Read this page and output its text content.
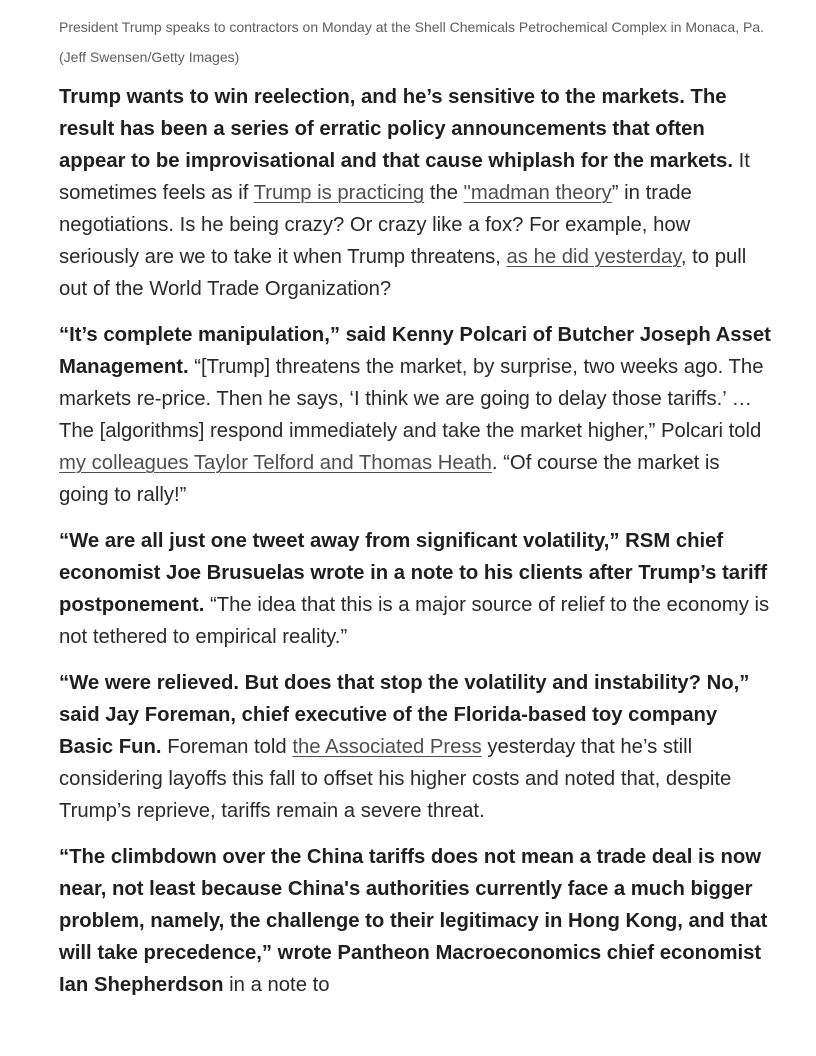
President Trump speaks to contractors on Monday at the Shell Chemicals Petrochemical Complex in Monaca, Pa. (Jeff Swensen/Getty Images)

Trump wants to win reelection, and he’s sensitive to the markets. The result has been a series of erratic policy announcements that often appear to be improvisational and that cause whiplash for the markets. It sometimes feels as if Trump is practicing the "madman theory” in trade negotiations. Is he being crazy? Or crazy like a fox? For example, how seriously are we to take it when Trump threatens, as he did yesterday, to pull out of the World Trade Organization?

“It’s complete manipulation,” said Kenny Polcari of Butcher Joseph Asset Management. “[Trump] threatens the market, by surprise, two weeks ago. The markets re-price. Then he says, ‘I think we are going to delay those tariffs.’ … The [algorithms] respond immediately and take the market higher,” Polcari told my colleagues Taylor Telford and Thomas Heath. “Of course the market is going to rally!”

“We are all just one tweet away from significant volatility,” RSM chief economist Joe Brusuelas wrote in a note to his clients after Trump’s tariff postponement. “The idea that this is a major source of relief to the economy is not tethered to empirical reality.”

“We were relieved. But does that stop the volatility and instability? No,” said Jay Foreman, chief executive of the Florida-based toy company Basic Fun. Foreman told the Associated Press yesterday that he’s still considering layoffs this fall to offset his higher costs and noted that, despite Trump’s reprieve, tariffs remain a severe threat.

“The climbdown over the China tariffs does not mean a trade deal is now near, not least because China's authorities currently face a much bigger problem, namely, the challenge to their legitimacy in Hong Kong, and that will take precedence,” wrote Pantheon Macroeconomics chief economist Ian Shepherdson in a note to
